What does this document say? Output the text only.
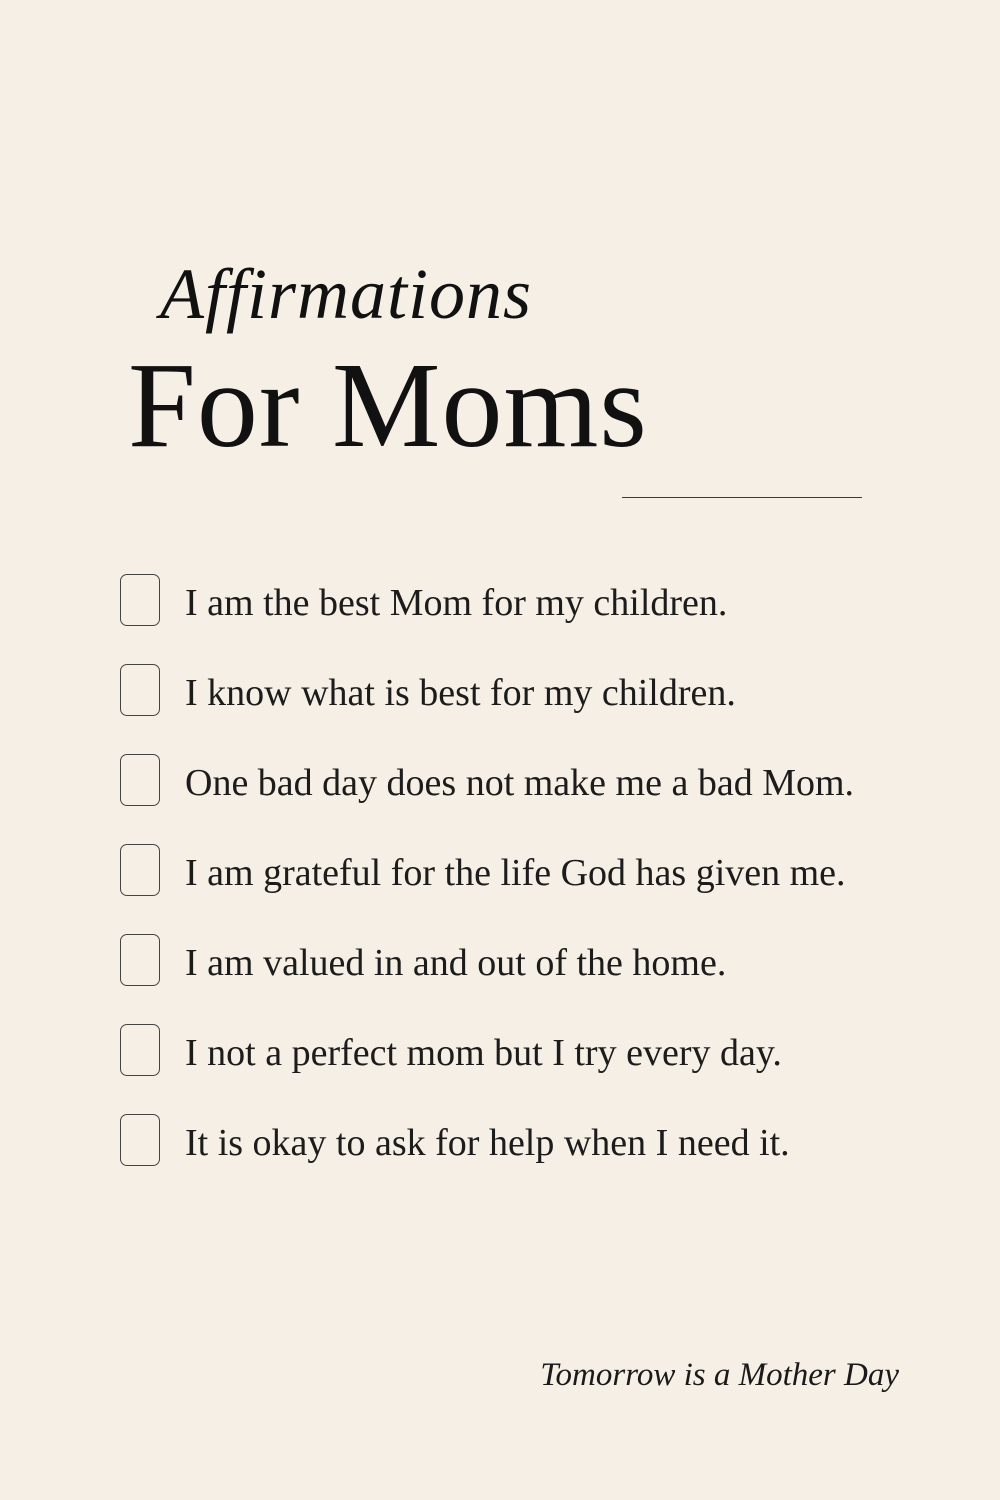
Affirmations
For Moms
I am the best Mom for my children.
I know what is best for my children.
One bad day does not make me a bad Mom.
I am grateful for the life God has given me.
I am valued in and out of the home.
I not a perfect mom but I try every day.
It is okay to ask for help when I need it.
Tomorrow is a Mother Day
